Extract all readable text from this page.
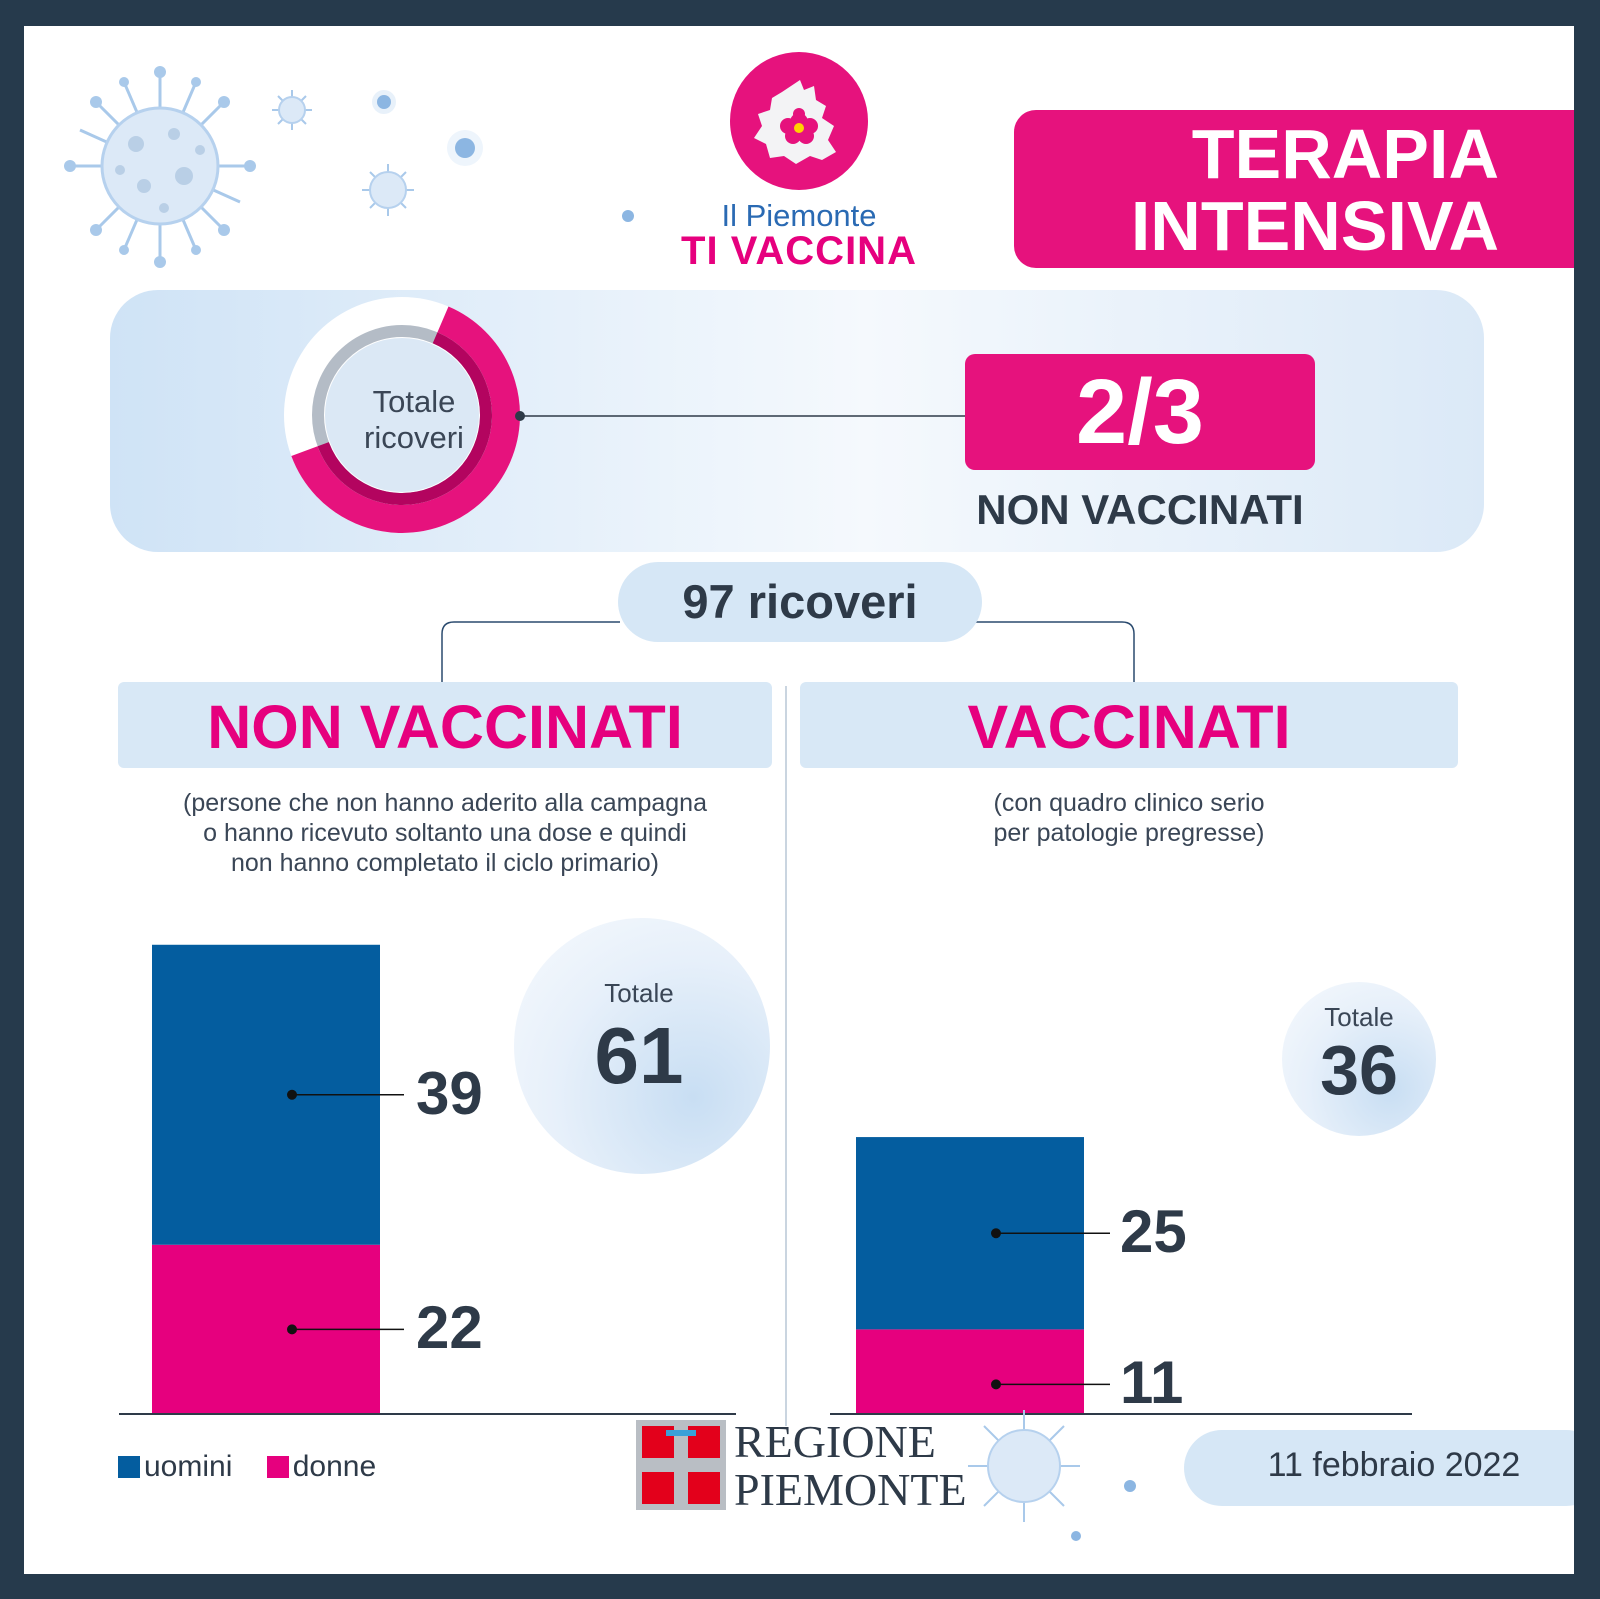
Il Piemonte
TI VACCINA
TERAPIA
INTENSIVA
Totale
ricoveri	2/3
NON VACCINATI
97 ricoveri
NON VACCINATI	VACCINATI
(persone che non hanno aderito alla campagna
o hanno ricevuto soltanto una dose e quindi
non hanno completato il ciclo primario)
(con quadro clinico serio
per patologie pregresse)
Totale
61	Totale
36
22
39
11
25
uomini donne	REGIONE
PIEMONTE	11 febbraio 2022
